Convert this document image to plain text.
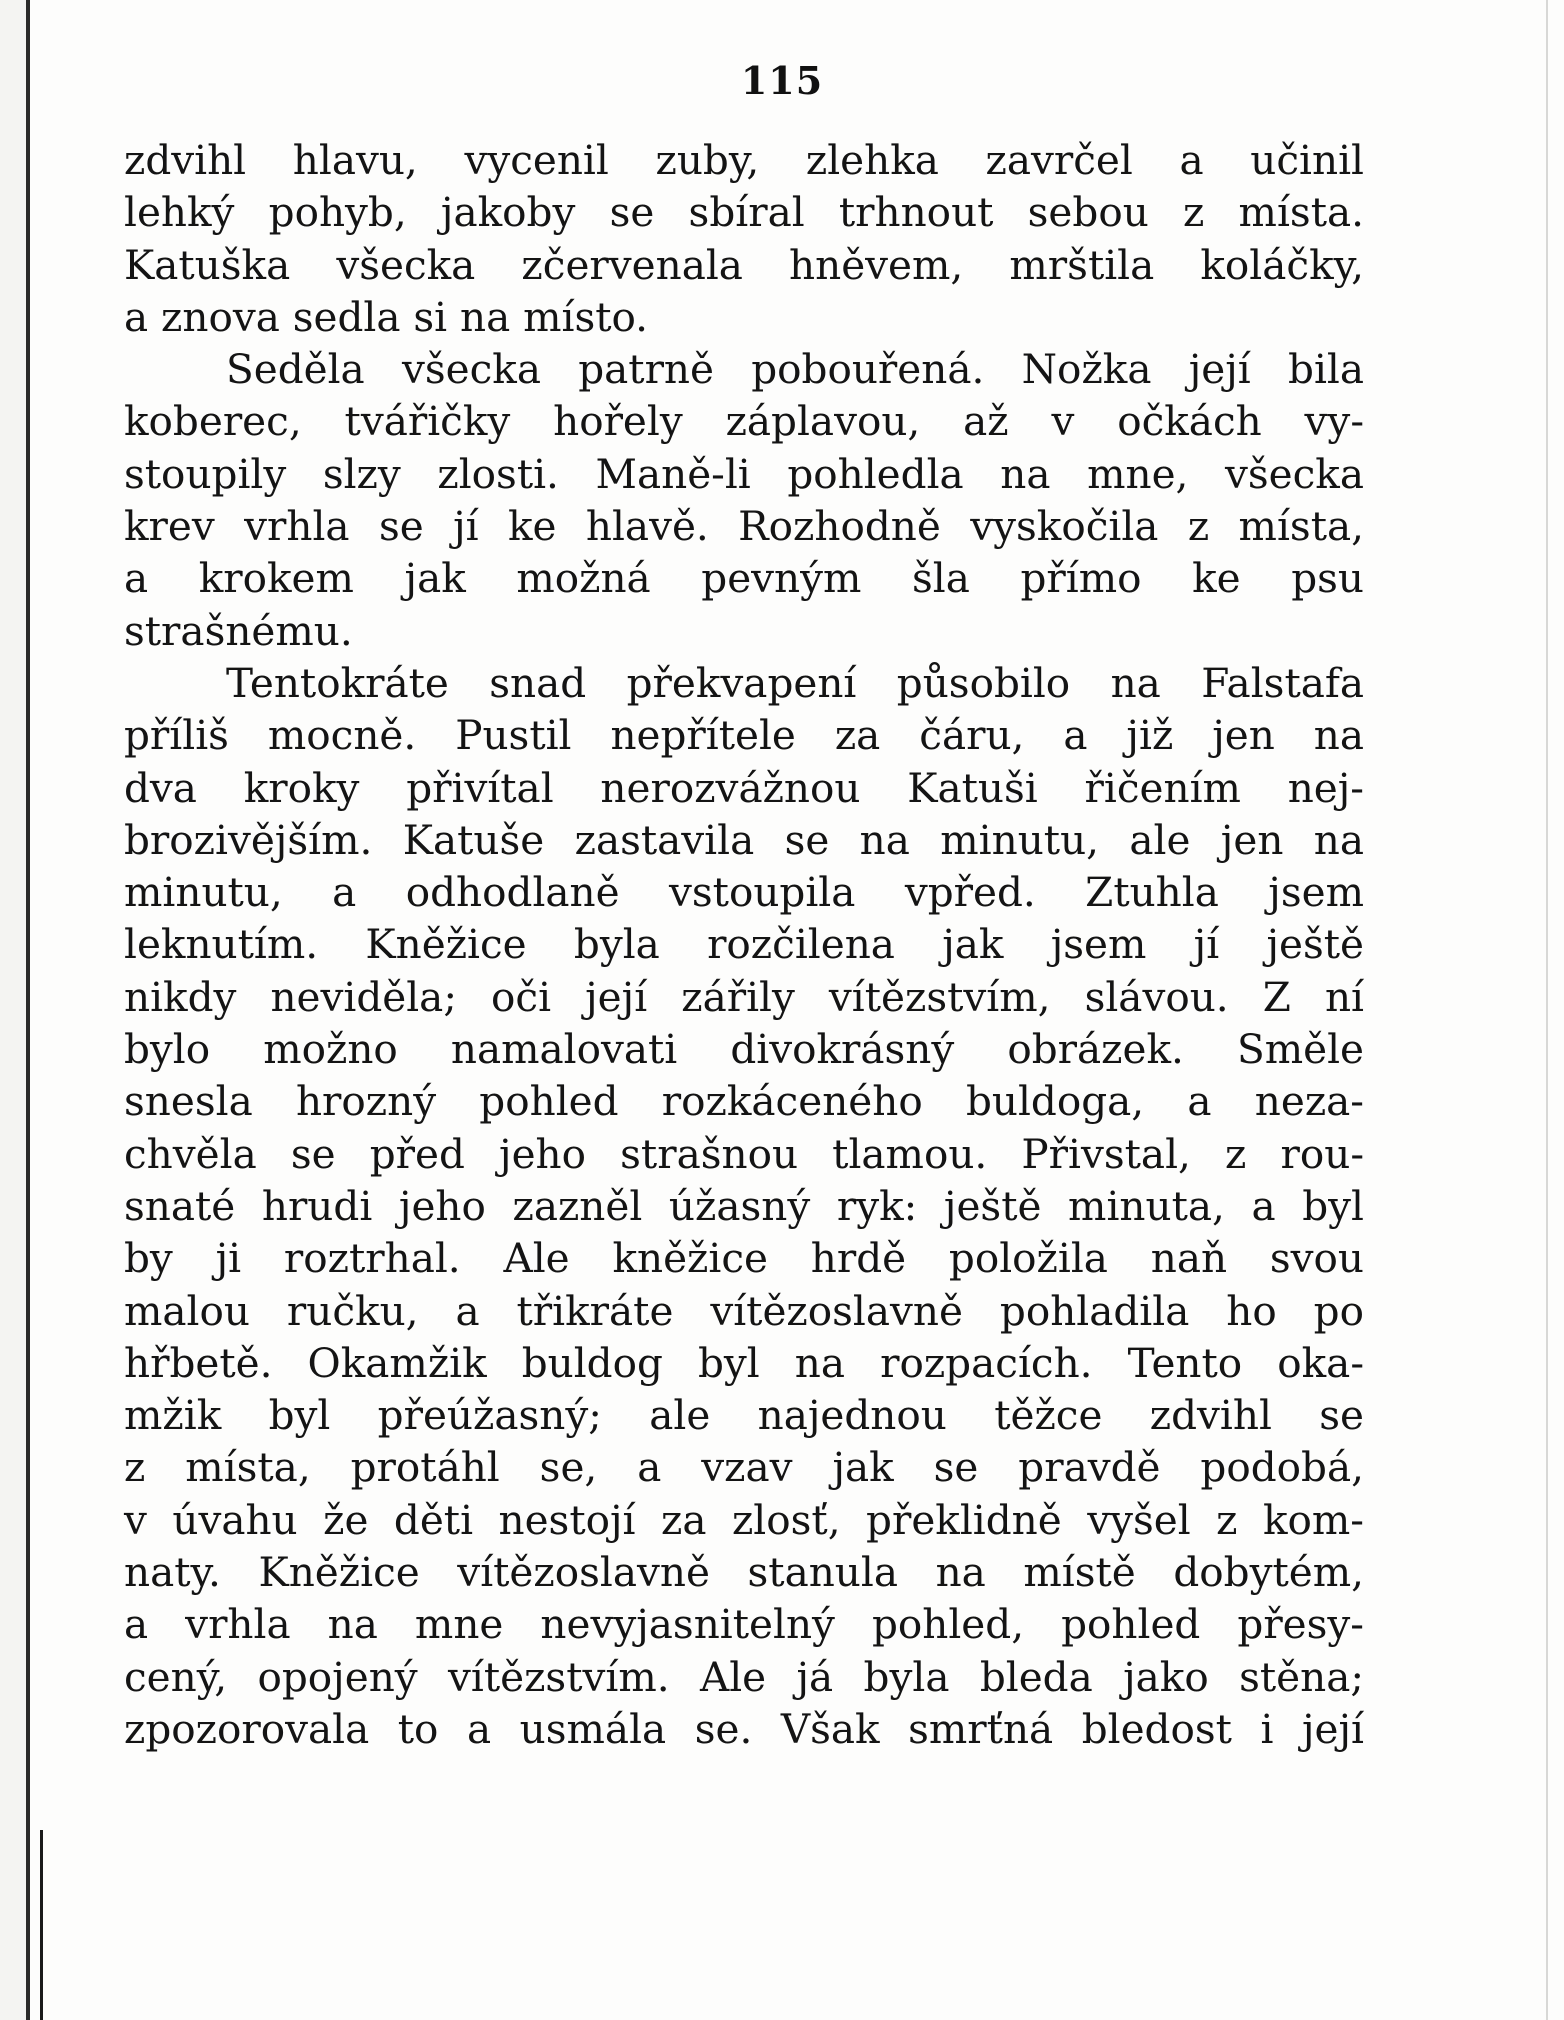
115
zdvihl hlavu, vycenil zuby, zlehka zavrčel a učinil
lehký pohyb, jakoby se sbíral trhnout sebou z místa.
Katuška všecka zčervenala hněvem, mrštila koláčky,
a znova sedla si na místo.
Seděla všecka patrně pobouřená. Nožka její bila
koberec, tvářičky hořely záplavou, až v očkách vy-
stoupily slzy zlosti. Maně-li pohledla na mne, všecka
krev vrhla se jí ke hlavě. Rozhodně vyskočila z místa,
a krokem jak možná pevným šla přímo ke psu
strašnému.
Tentokráte snad překvapení působilo na Falstafa
příliš mocně. Pustil nepřítele za čáru, a již jen na
dva kroky přivítal nerozvážnou Katuši řičením nej-
brozivějším. Katuše zastavila se na minutu, ale jen na
minutu, a odhodlaně vstoupila vpřed. Ztuhla jsem
leknutím. Kněžice byla rozčilena jak jsem jí ještě
nikdy neviděla; oči její zářily vítězstvím, slávou. Z ní
bylo možno namalovati divokrásný obrázek. Směle
snesla hrozný pohled rozkáceného buldoga, a neza-
chvěla se před jeho strašnou tlamou. Přivstal, z rou-
snaté hrudi jeho zazněl úžasný ryk: ještě minuta, a byl
by ji roztrhal. Ale kněžice hrdě položila naň svou
malou ručku, a třikráte vítězoslavně pohladila ho po
hřbetě. Okamžik buldog byl na rozpacích. Tento oka-
mžik byl přeúžasný; ale najednou těžce zdvihl se
z místa, protáhl se, a vzav jak se pravdě podobá,
v úvahu že děti nestojí za zlosť, překlidně vyšel z kom-
naty. Kněžice vítězoslavně stanula na místě dobytém,
a vrhla na mne nevyjasnitelný pohled, pohled přesy-
cený, opojený vítězstvím. Ale já byla bleda jako stěna;
zpozorovala to a usmála se. Však smrťná bledost i její
